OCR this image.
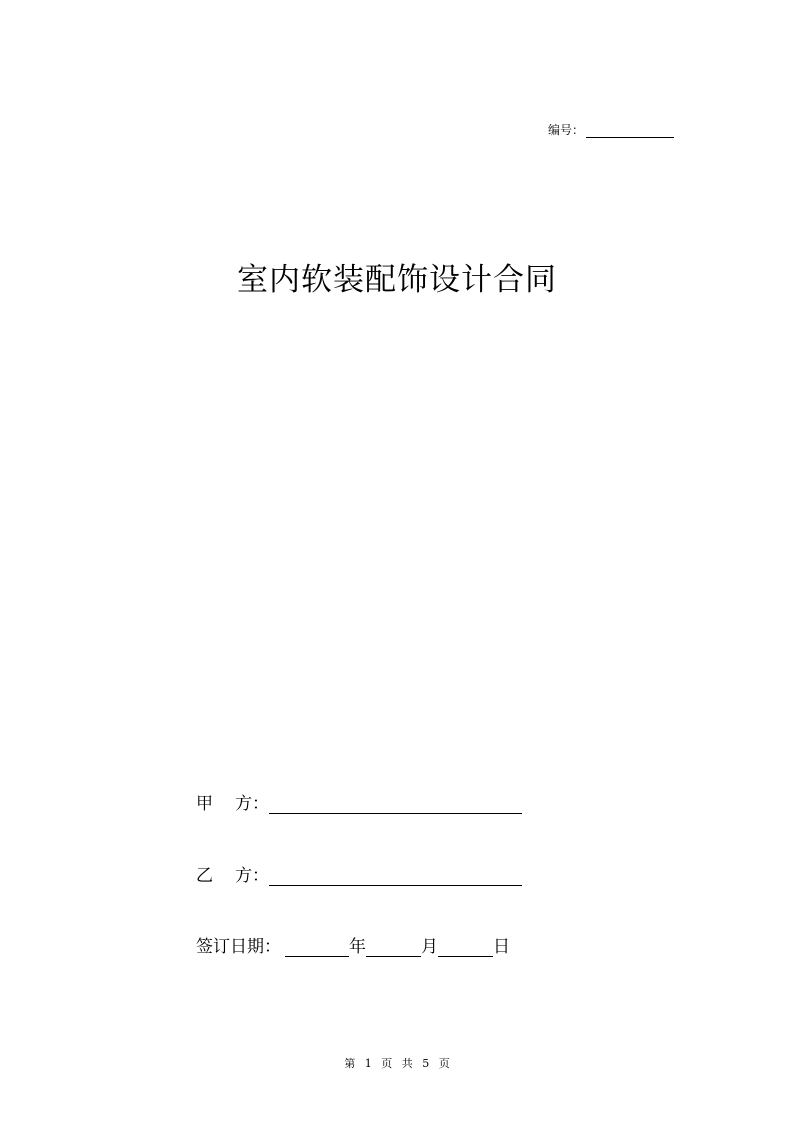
编号：
室内软装配饰设计合同
甲 方：
乙 方：
签订日期：	年	月	日
第 1 页 共 5 页
